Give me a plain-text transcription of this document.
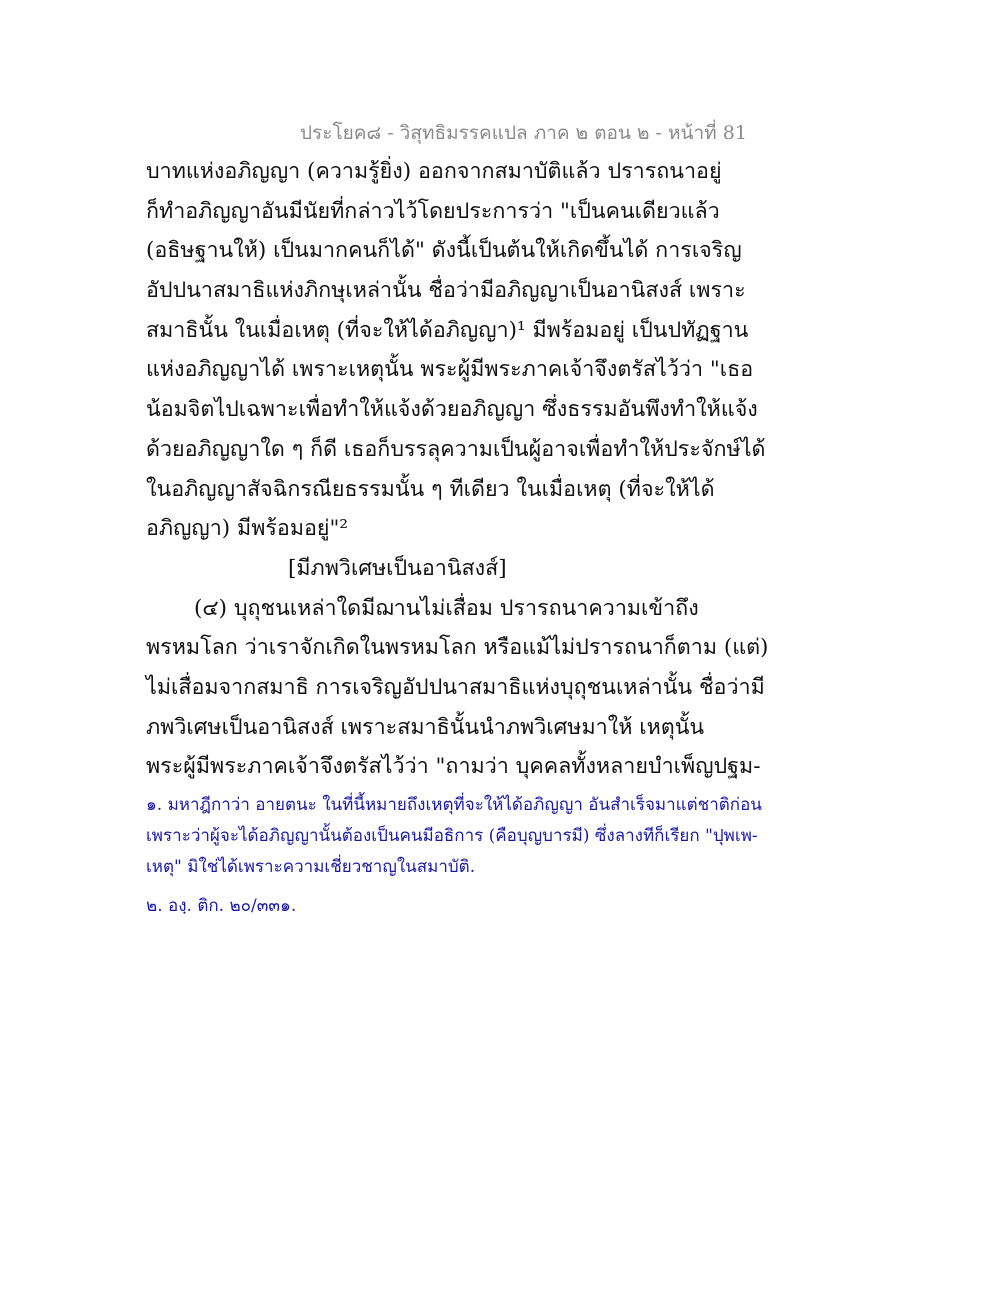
ประโยค๘ - วิสุทธิมรรคแปล ภาค ๒ ตอน ๒ - หน้าที่ 81
บาทแห่งอภิญญา (ความรู้ยิ่ง) ออกจากสมาบัติแล้ว ปรารถนาอยู่
ก็ทำอภิญญาอันมีนัยที่กล่าวไว้โดยประการว่า "เป็นคนเดียวแล้ว
(อธิษฐานให้) เป็นมากคนก็ได้" ดังนี้เป็นต้นให้เกิดขึ้นได้ การเจริญ
อัปปนาสมาธิแห่งภิกษุเหล่านั้น ชื่อว่ามีอภิญญาเป็นอานิสงส์ เพราะ
สมาธินั้น ในเมื่อเหตุ (ที่จะให้ได้อภิญญา)¹ มีพร้อมอยู่ เป็นปทัฏฐาน
แห่งอภิญญาได้ เพราะเหตุนั้น พระผู้มีพระภาคเจ้าจึงตรัสไว้ว่า "เธอ
น้อมจิตไปเฉพาะเพื่อทำให้แจ้งด้วยอภิญญา ซึ่งธรรมอันพึงทำให้แจ้ง
ด้วยอภิญญาใด ๆ ก็ดี เธอก็บรรลุความเป็นผู้อาจเพื่อทำให้ประจักษ์ได้
ในอภิญญาสัจฉิกรณียธรรมนั้น ๆ ทีเดียว ในเมื่อเหตุ (ที่จะให้ได้
อภิญญา) มีพร้อมอยู่"²
[มีภพวิเศษเป็นอานิสงส์]
(๔) บุถุชนเหล่าใดมีฌานไม่เสื่อม ปรารถนาความเข้าถึง
พรหมโลก ว่าเราจักเกิดในพรหมโลก หรือแม้ไม่ปรารถนาก็ตาม (แต่)
ไม่เสื่อมจากสมาธิ การเจริญอัปปนาสมาธิแห่งบุถุชนเหล่านั้น ชื่อว่ามี
ภพวิเศษเป็นอานิสงส์ เพราะสมาธินั้นนำภพวิเศษมาให้ เหตุนั้น
พระผู้มีพระภาคเจ้าจึงตรัสไว้ว่า "ถามว่า บุคคลทั้งหลายบำเพ็ญปฐม-
๑. มหาฎีกาว่า อายตนะ ในที่นี้หมายถึงเหตุที่จะให้ได้อภิญญา อันสำเร็จมาแต่ชาติก่อน
เพราะว่าผู้จะได้อภิญญานั้นต้องเป็นคนมีอธิการ (คือบุญบารมี) ซึ่งลางทีก็เรียก "ปุพเพ-
เหตุ" มิใช่ได้เพราะความเชี่ยวชาญในสมาบัติ.
๒. องฺ. ติก. ๒๐/๓๓๑.
